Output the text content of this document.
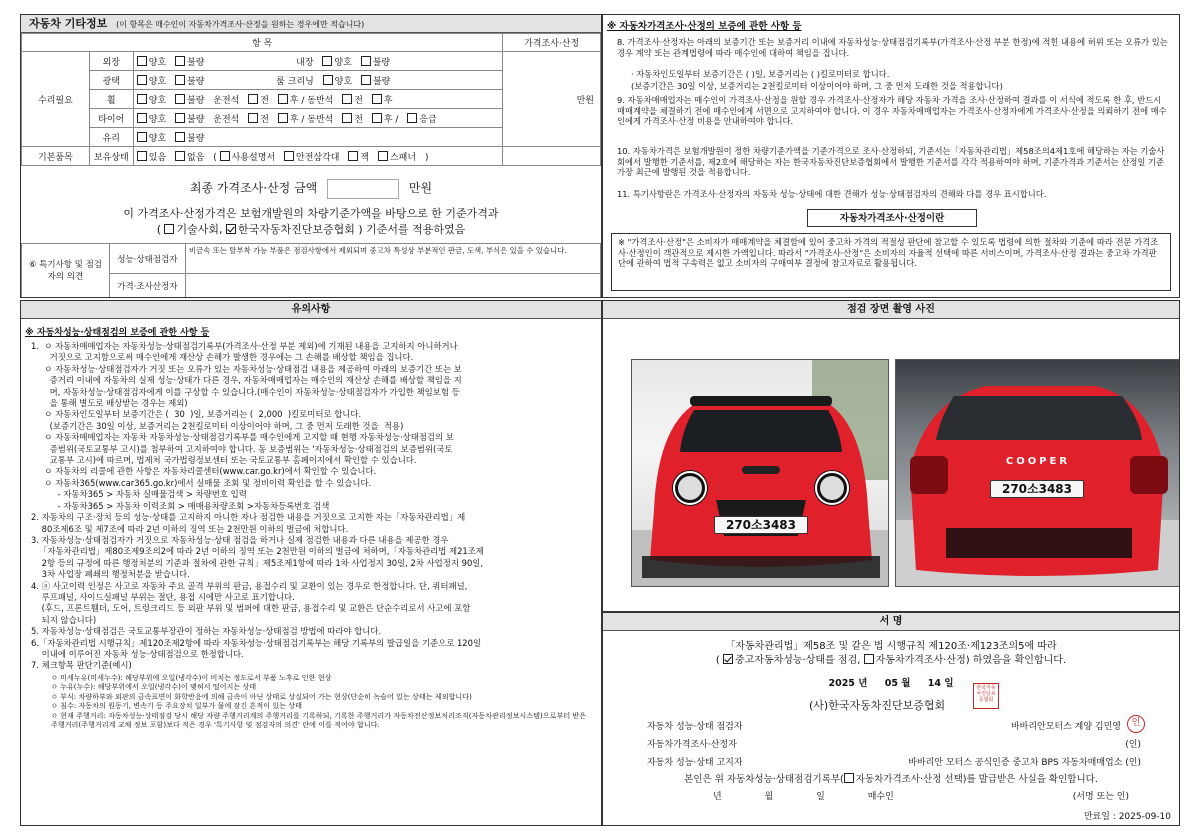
자동차 기타정보 (이 항목은 매수인이 자동차가격조사·산정을 원하는 경우에만 적습니다)
항 목			가격조사·산정
수리필요	외장	양호 불량 내장 양호 불량	만원
	광택	양호 불량 룸 크리닝 양호 불량	
	휠	양호 불량 운전석 전 후 / 동반석 전 후	
	타이어	양호 불량 운전석 전 후 / 동반석 전 후 / 응급	
	유리	양호 불량	
기본품목	보유상태	있음 없음 ( 사용설명서 안전삼각대 잭 스패너 )	
최종 가격조사·산정 금액	만원
이 가격조사·산정가격은 보험개발원의 차량기준가액을 바탕으로 한 기준가격과
( 기술사회, 한국자동차진단보증협회 ) 기준서를 적용하였음
⑥ 특기사항 및 점검자의 의견	성능·상태점검자	비금속 또는 탈부착 가능 부품은 점검사항에서 제외되며 중고차 특성상 부분적인 판금, 도색, 부식은 있을 수 있습니다.
	가격·조사산정자	
※ 자동차가격조사·산정의 보증에 관한 사항 등
8. 가격조사·산정자는 아래의 보증기간 또는 보증거리 이내에 자동차성능·상태점검기록부(가격조사·산정 부분 한정)에 적힌 내용에 허위 또는 오류가 있는 경우 계약 또는 관계법령에 따라 매수인에 대하여 책임을 집니다.
· 자동차인도일부터 보증기간은 ( )일, 보증거리는 ( )킬로미터로 합니다.
(보증기간은 30일 이상, 보증거리는 2천킬로미터 이상이어야 하며, 그 중 먼저 도래한 것을 적용합니다)
9. 자동차매매업자는 매수인이 가격조사·산정을 원할 경우 가격조사·산정자가 해당 자동차 가격을 조사·산정하여 결과를 이 서식에 적도록 한 후, 반드시 매매계약을 체결하기 전에 매수인에게 서면으로 고지하여야 합니다. 이 경우 자동차매매업자는 가격조사·산정자에게 가격조사·산정을 의뢰하기 전에 매수인에게 가격조사·산정 비용을 안내하여야 합니다.
10. 자동차가격은 보험개발원이 정한 차량기준가액을 기준가격으로 조사·산정하되, 기준서는「자동차관리법」제58조의4제1호에 해당하는 자는 기술사회에서 발행한 기준서를, 제2호에 해당하는 자는 한국자동차진단보증협회에서 발행한 기준서를 각각 적용하여야 하며, 기준가격과 기준서는 산정일 기준 가장 최근에 발행된 것을 적용합니다.
11. 특기사항란은 가격조사·산정자의 자동차 성능·상태에 대한 견해가 성능·상태점검자의 견해와 다를 경우 표시합니다.
자동차가격조사·산정이란
※ "가격조사·산정"은 소비자가 매매계약을 체결함에 있어 중고차 가격의 적절성 판단에 참고할 수 있도록 법령에 의한 절차와 기준에 따라 전문 가격조사·산정인이 객관적으로 제시한 가액입니다. 따라서 "가격조사·산정"은 소비자의 자율적 선택에 따른 서비스이며, 가격조사·산정 결과는 중고차 가격판단에 관하여 법적 구속력은 없고 소비자의 구매여부 결정에 참고자료로 활용됩니다.
유의사항
※ 자동차성능·상태점검의 보증에 관한 사항 등
1.  ㅇ 자동차매매업자는 자동차성능·상태점검기록부(가격조사·산정 부분 제외)에 기재된 내용을 고지하지 아니하거나
거짓으로 고지함으로써 매수인에게 재산상 손해가 발생한 경우에는 그 손해를 배상할 책임을 집니다.
ㅇ 자동차성능·상태점검자가 거짓 또는 오류가 있는 자동차성능·상태점검 내용을 제공하여 아래의 보증기간 또는 보
증거리 이내에 자동차의 실제 성능·상태가 다른 경우, 자동차매매업자는 매수인의 재산상 손해를 배상할 책임을 지
며, 자동차성능·상태점검자에게 이를 구상할 수 있습니다.(매수인이 자동차성능·상태점검자가 가입한 책임보험 등
을 통해 별도로 배상받는 경우는 제외)
ㅇ 자동차인도일부터 보증기간은 (  30  )일, 보증거리는 (  2,000  )킬로미터로 합니다.
(보증기간은 30일 이상, 보증거리는 2천킬로미터 이상이어야 하며, 그 중 먼저 도래한 것을  적용)
ㅇ 자동차매매업자는 자동차 자동차성능·상태점검기록부를 매수인에게 고지할 때 현행 자동차성능·상태점검의 보
증범위(국토교통부 고시)를 첨부하여 고지하여야 합니다. 동 보증범위는 '자동차성능·상태점검의 보증범위(국토
교통부 고시)에 따르며, 법제처 국가법령정보센터 또는 국토교통부 홈페이지에서 확인할 수 있습니다.
ㅇ 자동차의 리콜에 관한 사항은 자동차리콜센터(www.car.go.kr)에서 확인할 수 있습니다.
ㅇ 자동차365(www.car365.go.kr)에서 실매물 조회 및 정비이력 확인을 할 수 있습니다.
- 자동차365 > 자동차 실매물검색 > 차량번호 입력
- 자동차365 > 자동차 이력조회 > 매매용차량조회 >자동차등록번호 검색
2. 자동차의 구조·장치 등의 성능·상태를 고지하지 아니한 자나 점검한 내용을 거짓으로 고지한 자는「자동차관리법」제
80조제6조 및 제7조에 따라 2년 이하의 징역 또는 2천만원 이하의 벌금에 처합니다.
3. 자동차성능·상태점검자가 거짓으로 자동차성능·상태 점검을 하거나 실제 점검한 내용과 다른 내용을 제공한 경우
「자동차관리법」제80조제9조의2에 따라 2년 이하의 징역 또는 2천만원 이하의 벌금에 처하며,「자동차관리법 제21조제
2항 등의 규정에 따른 행정처분의 기준과 절차에 관한 규칙」제5조제1항에 따라 1차 사업정지 30일, 2차 사업정지 90일,
3차 사업장 폐쇄의 행정처분을 받습니다.
4. ⓐ 사고이력 인정은 사고로 자동차 주요 골격 부위의 판금, 용접수리 및 교환이 있는 경우로 한정합니다. 단, 쿼터패널,
루프패널, 사이드실패널 부위는 절단, 용접 시에만 사고로 표기합니다.
(후드, 프론트휀더, 도어, 트렁크리드 등 외판 부위 및 범퍼에 대한 판금, 용접수리 및 교환은 단순수리로서 사고에 포함
되지 않습니다)
5. 자동차성능·상태점검은 국토교통부장관이 정하는 자동차성능·상태점검 방법에 따라야 합니다.
6.「자동차관리법 시행규칙」제120조제2항에 따라 자동차성능·상태점검기록부는 해당 기록부의 발급일을 기준으로 120일
이내에 이루어진 자동차 성능·상태점검으로 한정합니다.
7. 체크항목 판단기준(예시)
ㅇ 미세누유(미세누수): 해당부위에 오일(냉각수)이 비치는 정도로서 부품 노후로 인한 현상
ㅇ 누유(누수): 해당부위에서 오일(냉각수)이 맺혀서 떨어지는 상태
ㅇ 부식: 차량하부와 외판의 금속표면이 화학반응에 의해 금속이 아닌 상태로 상실되어 가는 현상(단순히 녹슬어 있는 상태는 제외합니다)
ㅇ 침수: 자동차의 원동기, 변속기 등 주요장치 일부가 물에 잠긴 흔적이 있는 상태
ㅇ 현재 주행거리: 자동차성능·상태점검 당시 해당 자량 주행거리계의 주행거리를 기록하되, 기록한 주행거리가 자동차전산정보처리조직(자동차관리정보시스템)으로부터 받은 주행거리(주행거리계 교체 정보 포함)보다 적은 경우 '특기사항 및 점검자의 의견' 란에 이를 적어야 합니다.
점검 장면 촬영 사진
270소3483
COOPER
270소3483
서 명
「자동차관리법」제58조 및 같은 법 시행규칙 제120조·제123조의5에 따라
( 중고자동차성능·상태를 점검, 자동차가격조사·산정) 하였음을 확인합니다.
2025 년 05 월 14 일
(사)한국자동차진단보증협회
한국자동차진단보증협회
자동차 성능·상태 점검자	바바리안모터스 계양 김민영	인
자동차가격조사·산정자	(인)
자동차 성능·상태 고지자	바바리안 모터스 공식인증 중고차 BPS 자동차매매업소 (인)
본인은 위 자동차성능·상태점검기록부( 자동차가격조사·산정 선택)를 발급받은 사실을 확인합니다.
년	월	일	매수인	(서명 또는 인)
만료일 : 2025-09-10
